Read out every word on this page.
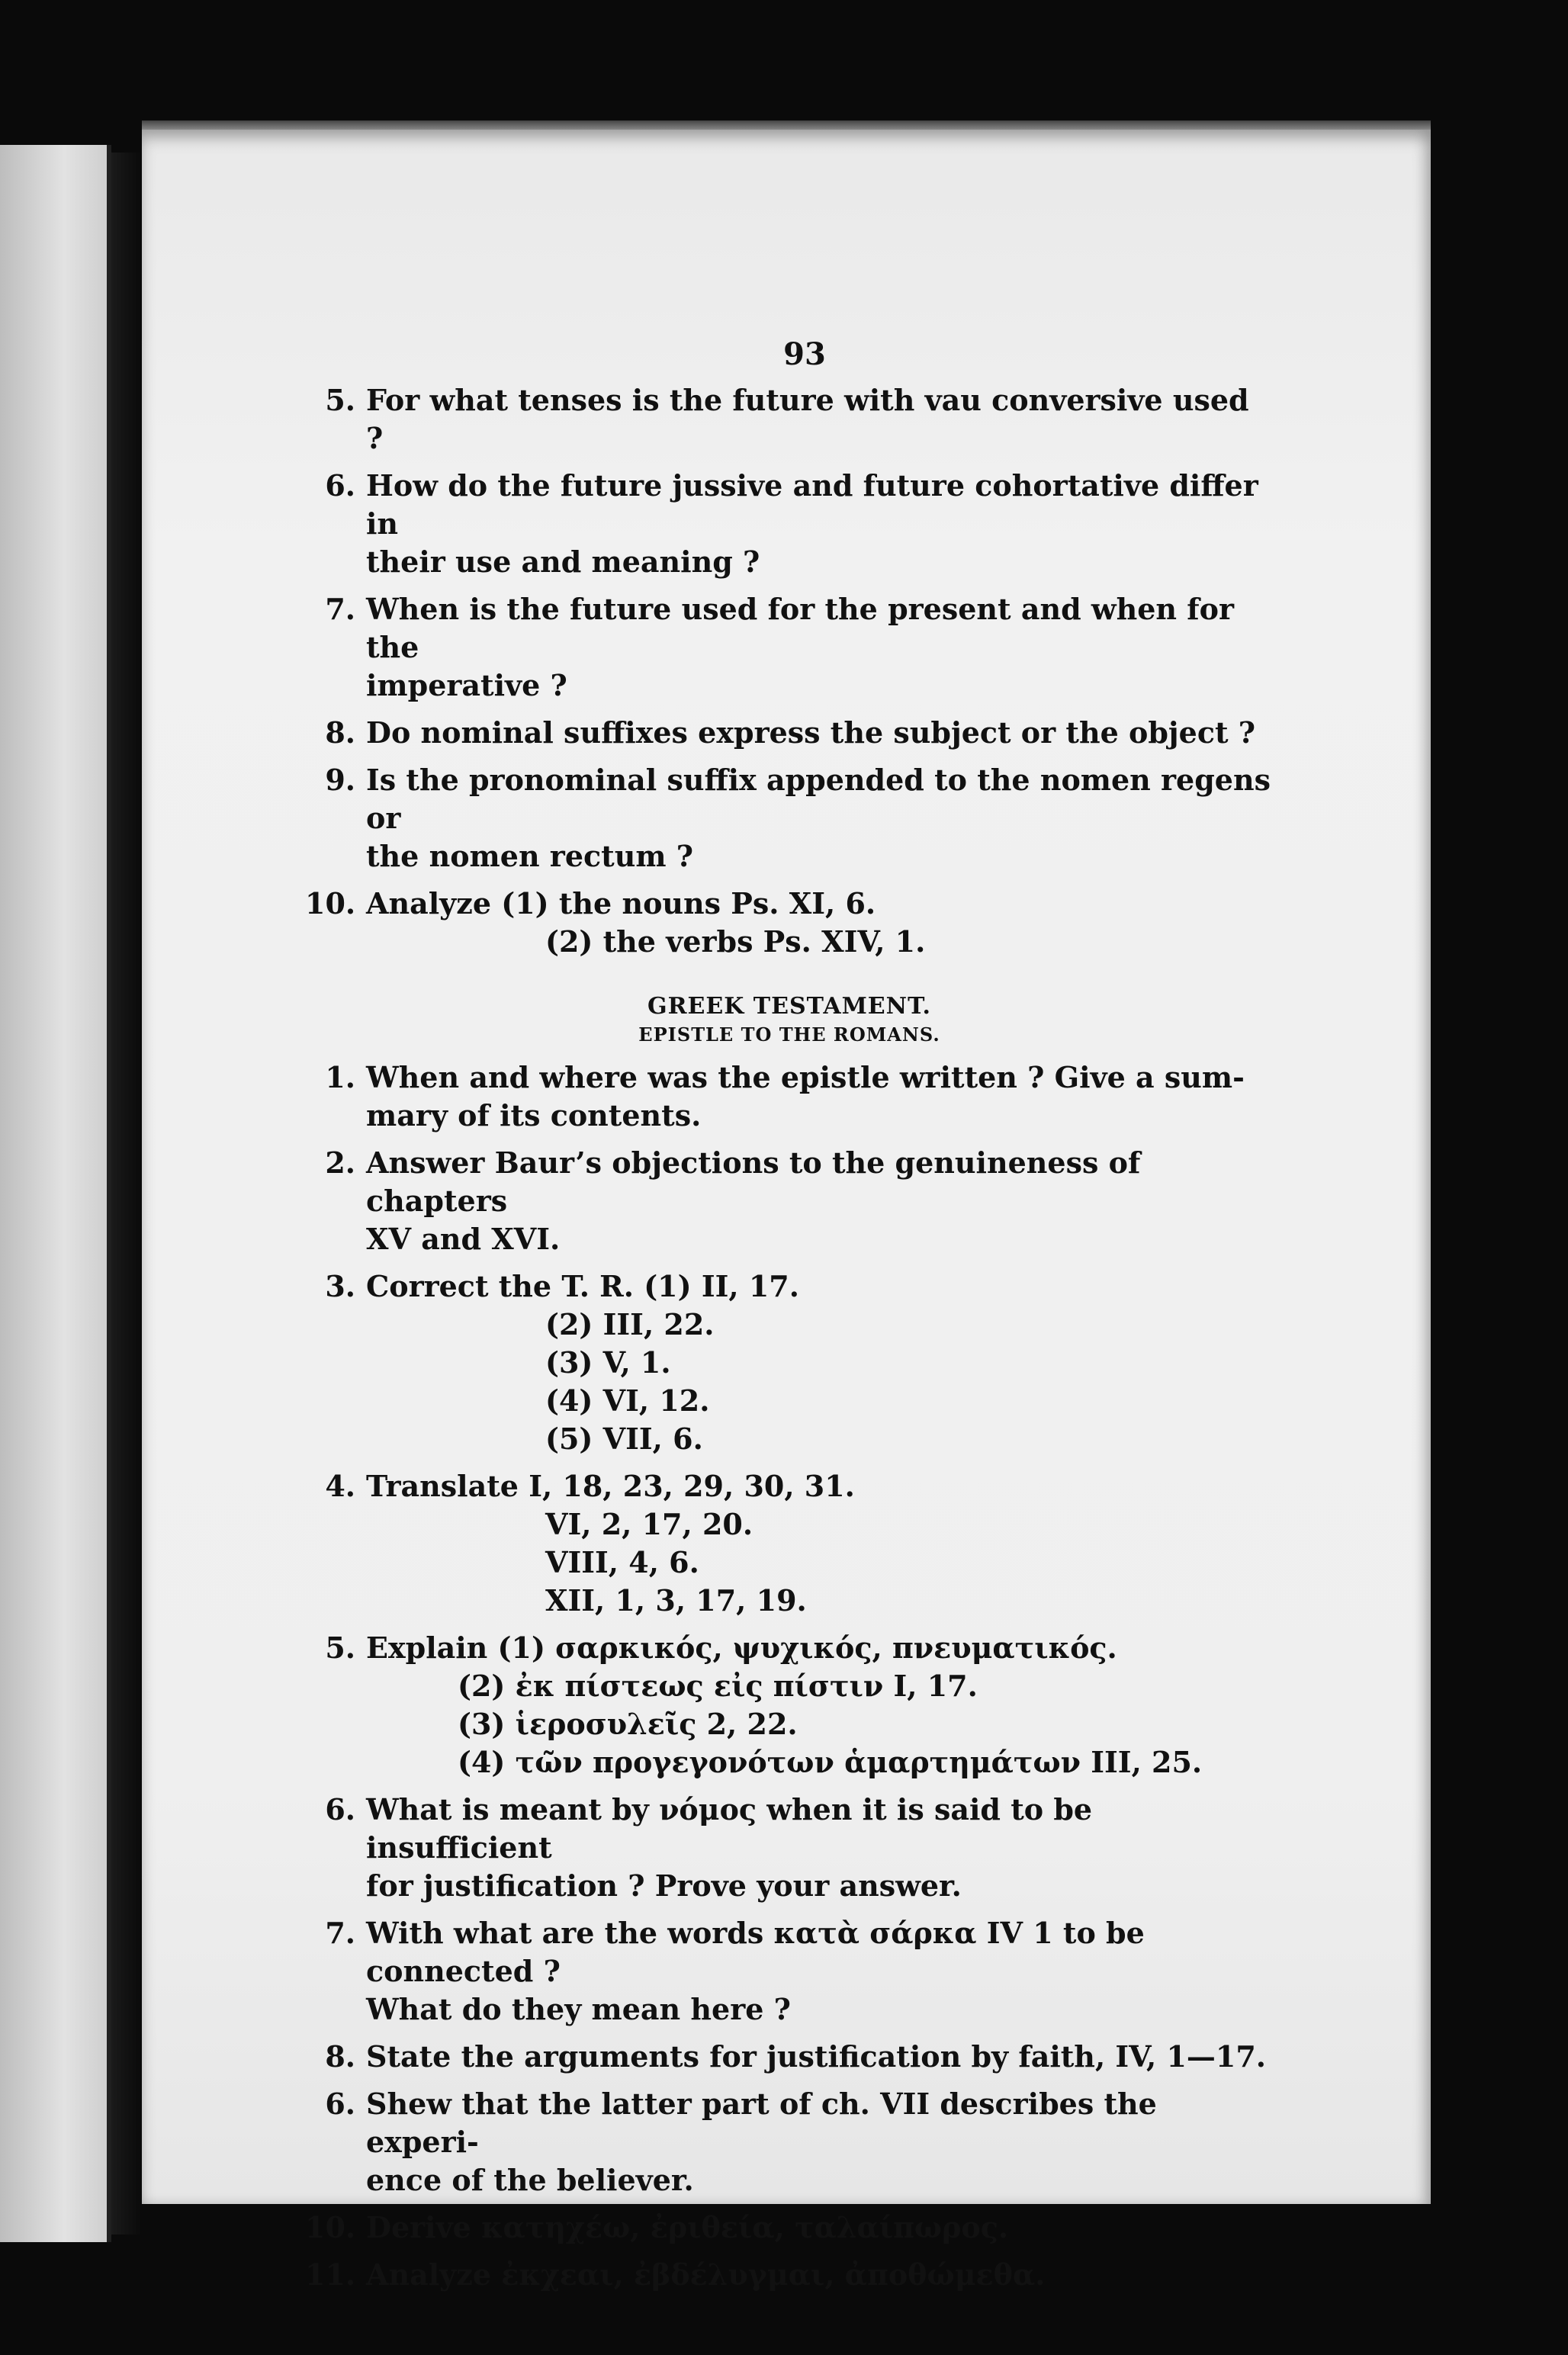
93
5. For what tenses is the future with vau conversive used ?
6. How do the future jussive and future cohortative differ in
their use and meaning ?
7. When is the future used for the present and when for the
imperative ?
8. Do nominal suffixes express the subject or the object ?
9. Is the pronominal suffix appended to the nomen regens or
the nomen rectum ?
10. Analyze (1) the nouns Ps. XI, 6.
(2) the verbs Ps. XIV, 1.
GREEK TESTAMENT.
EPISTLE TO THE ROMANS.
1. When and where was the epistle written ? Give a sum-
mary of its contents.
2. Answer Baur’s objections to the genuineness of chapters
XV and XVI.
3. Correct the T. R. (1) II, 17.
(2) III, 22.
(3) V, 1.
(4) VI, 12.
(5) VII, 6.
4. Translate I, 18, 23, 29, 30, 31.
VI, 2, 17, 20.
VIII, 4, 6.
XII, 1, 3, 17, 19.
5. Explain (1) σαρκικός, ψυχικός, πνευματικός.
(2) ἐκ πίστεως εἰς πίστιν I, 17.
(3) ἱεροσυλεῖς 2, 22.
(4) τῶν προγεγονότων ἁμαρτημάτων III, 25.
6. What is meant by νόμος when it is said to be insufficient
for justification ? Prove your answer.
7. With what are the words κατὰ σάρκα IV 1 to be connected ?
What do they mean here ?
8. State the arguments for justification by faith, IV, 1—17.
6. Shew that the latter part of ch. VII describes the experi-
ence of the believer.
10. Derive κατηχέω, ἐριθεία, ταλαίπωρος.
11. Analyze ἐκχεαι, ἐβδέλυγμαι, ἀποθώμεθα.
